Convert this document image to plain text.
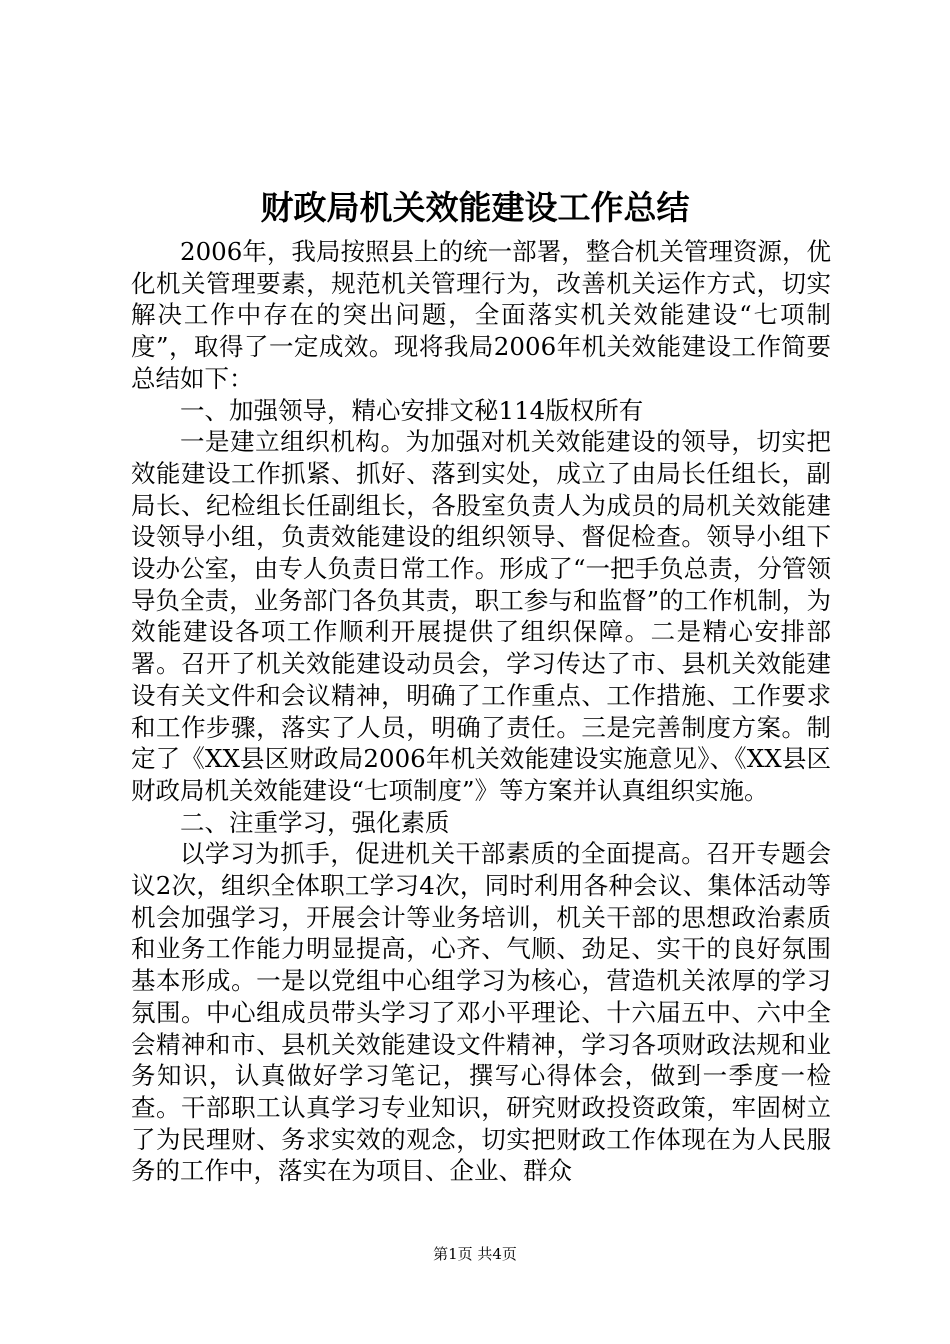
财政局机关效能建设工作总结

2006年，我局按照县上的统一部署，整合机关管理资源，优化机关管理要素，规范机关管理行为，改善机关运作方式，切实解决工作中存在的突出问题，全面落实机关效能建设“七项制度”，取得了一定成效。现将我局2006年机关效能建设工作简要总结如下：

一、加强领导，精心安排文秘114版权所有

一是建立组织机构。为加强对机关效能建设的领导，切实把效能建设工作抓紧、抓好、落到实处，成立了由局长任组长，副局长、纪检组长任副组长，各股室负责人为成员的局机关效能建设领导小组，负责效能建设的组织领导、督促检查。领导小组下设办公室，由专人负责日常工作。形成了“一把手负总责，分管领导负全责，业务部门各负其责，职工参与和监督”的工作机制，为效能建设各项工作顺利开展提供了组织保障。二是精心安排部署。召开了机关效能建设动员会，学习传达了市、县机关效能建设有关文件和会议精神，明确了工作重点、工作措施、工作要求和工作步骤，落实了人员，明确了责任。三是完善制度方案。制定了《XX县区财政局2006年机关效能建设实施意见》、《XX县区财政局机关效能建设“七项制度”》等方案并认真组织实施。

二、注重学习，强化素质

以学习为抓手，促进机关干部素质的全面提高。召开专题会议2次，组织全体职工学习4次，同时利用各种会议、集体活动等机会加强学习，开展会计等业务培训，机关干部的思想政治素质和业务工作能力明显提高，心齐、气顺、劲足、实干的良好氛围基本形成。一是以党组中心组学习为核心，营造机关浓厚的学习氛围。中心组成员带头学习了邓小平理论、十六届五中、六中全会精神和市、县机关效能建设文件精神，学习各项财政法规和业务知识，认真做好学习笔记，撰写心得体会，做到一季度一检查。干部职工认真学习专业知识，研究财政投资政策，牢固树立了为民理财、务求实效的观念，切实把财政工作体现在为人民服务的工作中，落实在为项目、企业、群众

第1页 共4页
